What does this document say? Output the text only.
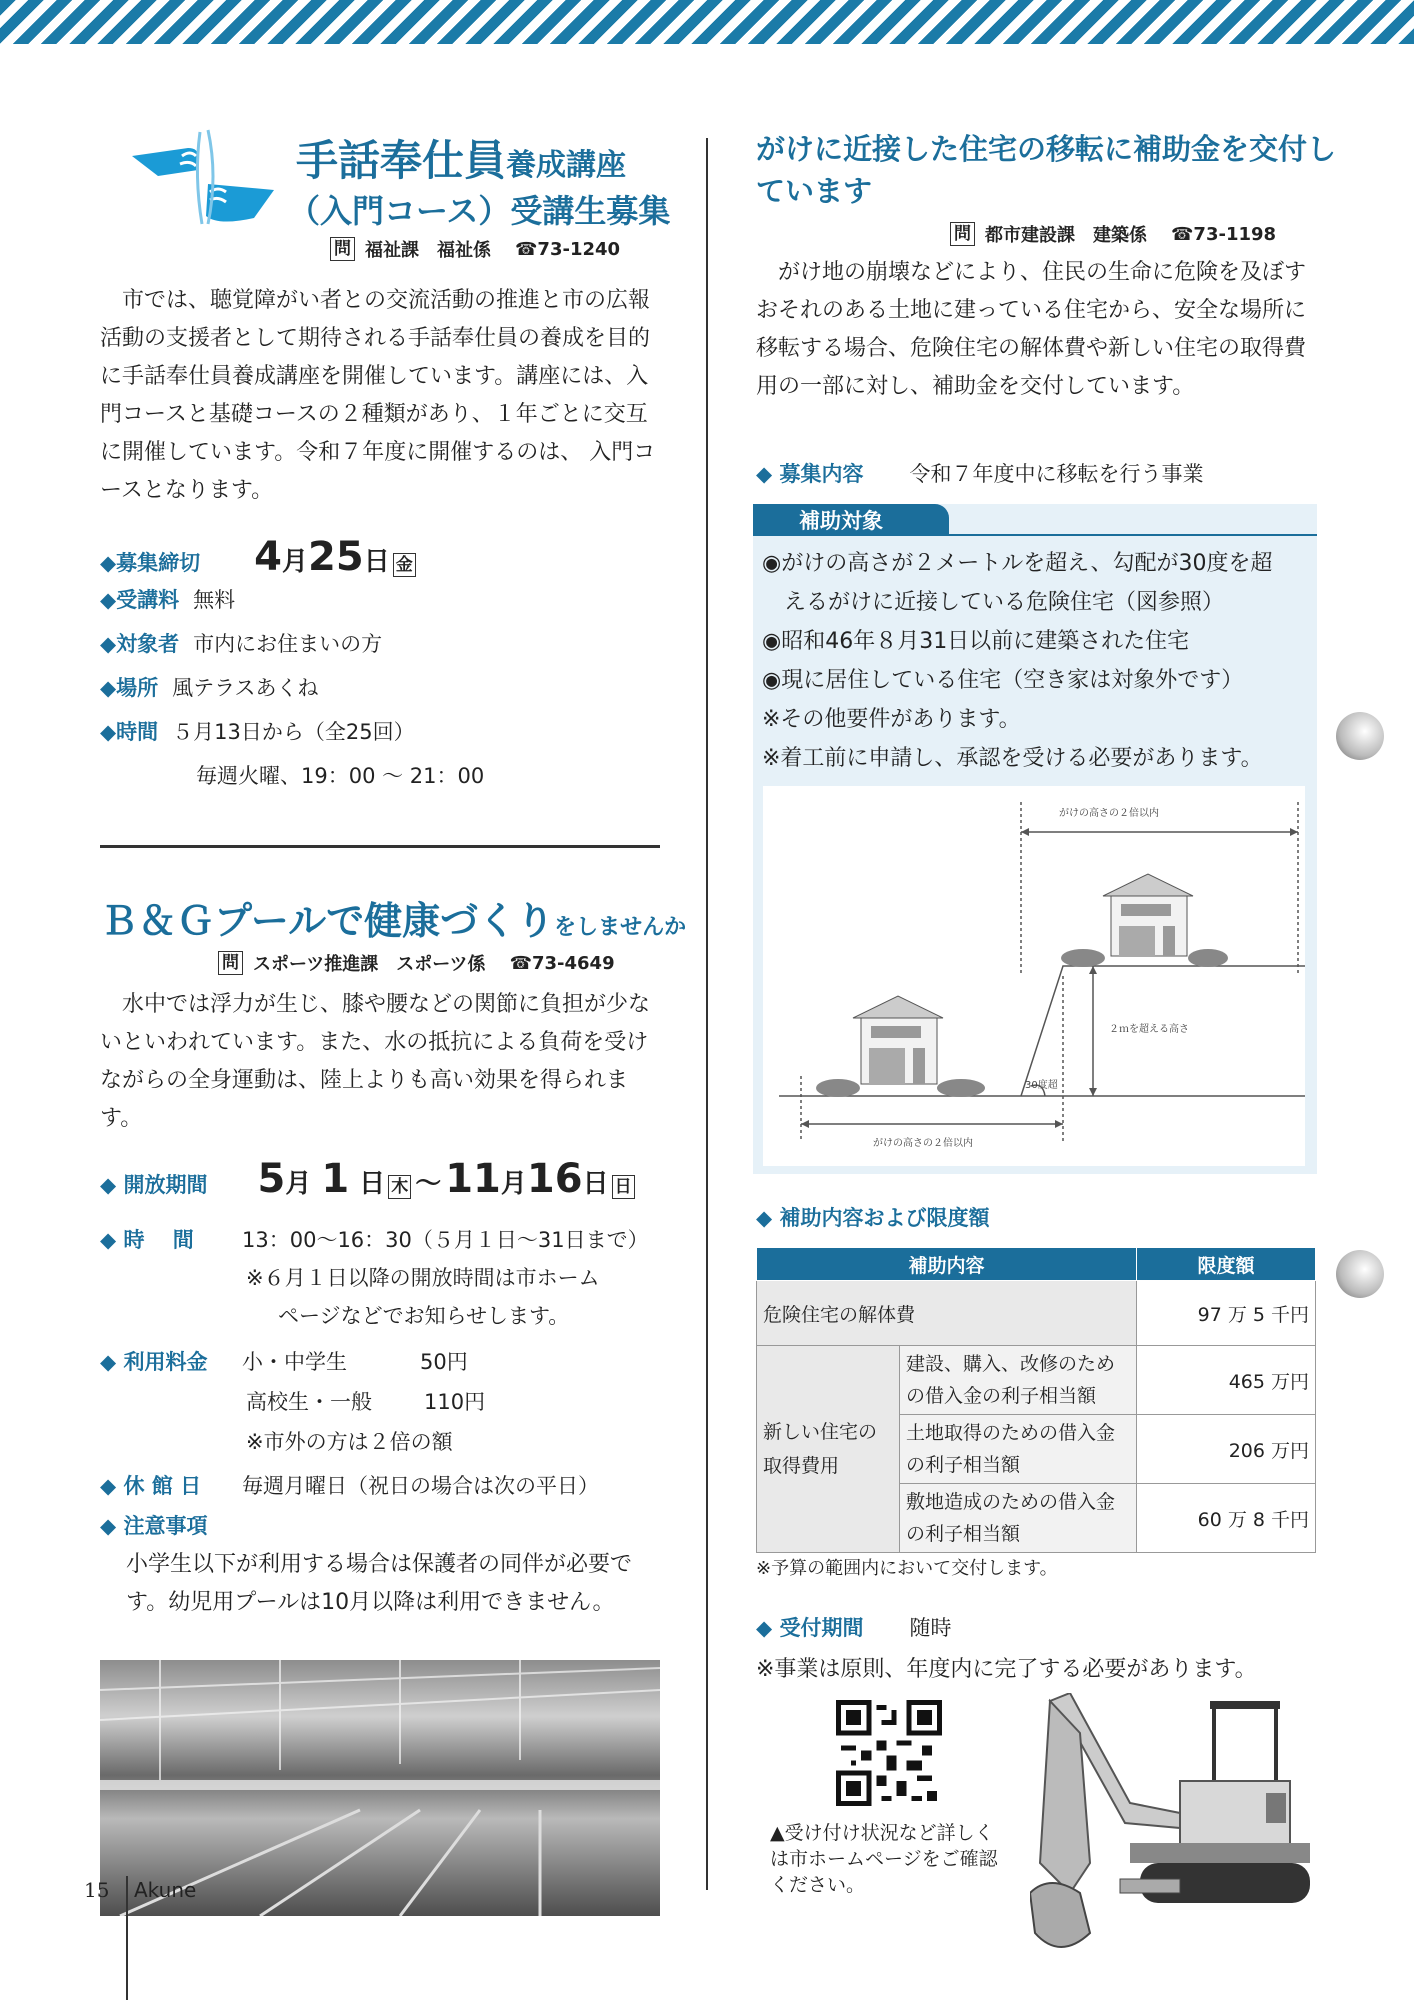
手話奉仕員養成講座
（入門コース）受講生募集
問 福祉課　福祉係 ☎73-1240
市では、聴覚障がい者との交流活動の推進と市の広報活動の支援者として期待される手話奉仕員の養成を目的に手話奉仕員養成講座を開催しています。講座には、入門コースと基礎コースの２種類があり、１年ごとに交互に開催しています。令和７年度に開催するのは、 入門コースとなります。
◆募集締切 4 月 25 日 金
◆受講料 無料
◆対象者 市内にお住まいの方
◆場所 風テラスあくね
◆時間 ５月13日から（全25回）
毎週火曜、19：00 ～ 21：00
Ｂ＆Ｇプールで健康づくりをしませんか
問 スポーツ推進課　スポーツ係 ☎73-4649
水中では浮力が生じ、膝や腰などの関節に負担が少ないといわれています。また、水の抵抗による負荷を受けながらの全身運動は、陸上よりも高い効果を得られます。
◆ 開放期間 5 月 1 日 木 ～ 11 月 16 日 日
◆ 時　 間	13：00～16：30（５月１日～31日まで）
※６月１日以降の開放時間は市ホーム
ページなどでお知らせします。
◆ 利用料金	小・中学生	50円
高校生・一般	110円
※市外の方は２倍の額
◆ 休 館 日	毎週月曜日（祝日の場合は次の平日）
◆ 注意事項
小学生以下が利用する場合は保護者の同伴が必要です。幼児用プールは10月以降は利用できません。
15 Akune
がけに近接した住宅の移転に補助金を交付しています
問 都市建設課　建築係 ☎73-1198
がけ地の崩壊などにより、住民の生命に危険を及ぼすおそれのある土地に建っている住宅から、安全な場所に移転する場合、危険住宅の解体費や新しい住宅の取得費用の一部に対し、補助金を交付しています。
◆ 募集内容 令和７年度中に移転を行う事業
補助対象
◉がけの高さが２メートルを超え、勾配が30度を超
　えるがけに近接している危険住宅（図参照）
◉昭和46年８月31日以前に建築された住宅
◉現に居住している住宅（空き家は対象外です）
※その他要件があります。
※着工前に申請し、承認を受ける必要があります。
がけの高さの２倍以内
２ｍを超える高さ
30度超
がけの高さの２倍以内
◆ 補助内容および限度額
補助内容		限度額
危険住宅の解体費		97 万 5 千円
新しい住宅の取得費用	建設、購入、改修のための借入金の利子相当額	465 万円
	土地取得のための借入金の利子相当額	206 万円
	敷地造成のための借入金の利子相当額	60 万 8 千円
※予算の範囲内において交付します。
◆ 受付期間 随時
※事業は原則、年度内に完了する必要があります。
▲受け付け状況など詳しくは市ホームページをご確認ください。
